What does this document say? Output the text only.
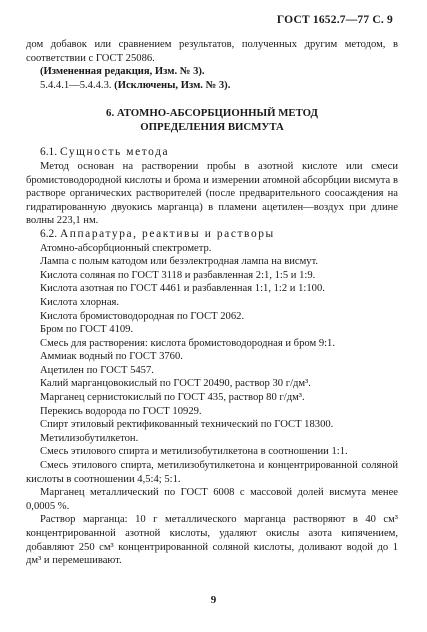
ГОСТ 1652.7—77 С. 9

дом добавок или сравнением результатов, полученных другим методом, в соответствии с ГОСТ 25086.

(Измененная редакция, Изм. № 3).

5.4.4.1—5.4.4.3. (Исключены, Изм. № 3).

6. АТОМНО-АБСОРБЦИОННЫЙ МЕТОД
ОПРЕДЕЛЕНИЯ ВИСМУТА

6.1. Сущность метода

Метод основан на растворении пробы в азотной кислоте или смеси бромистоводородной кислоты и брома и измерении атомной абсорбции висмута в растворе органических растворителей (после предварительного соосаждения на гидратированную двуокись марганца) в пламени ацетилен—воздух при длине волны 223,1 нм.

6.2. Аппаратура, реактивы и растворы

Атомно-абсорбционный спектрометр.

Лампа с полым катодом или безэлектродная лампа на висмут.

Кислота соляная по ГОСТ 3118 и разбавленная 2:1, 1:5 и 1:9.

Кислота азотная по ГОСТ 4461 и разбавленная 1:1, 1:2 и 1:100.

Кислота хлорная.

Кислота бромистоводородная по ГОСТ 2062.

Бром по ГОСТ 4109.

Смесь для растворения: кислота бромистоводородная и бром 9:1.

Аммиак водный по ГОСТ 3760.

Ацетилен по ГОСТ 5457.

Калий марганцовокислый по ГОСТ 20490, раствор 30 г/дм³.

Марганец сернистокислый по ГОСТ 435, раствор 80 г/дм³.

Перекись водорода по ГОСТ 10929.

Спирт этиловый ректификованный технический по ГОСТ 18300.

Метилизобутилкетон.

Смесь этилового спирта и метилизобутилкетона в соотношении 1:1.

Смесь этилового спирта, метилизобутилкетона и концентрированной соляной кислоты в соотношении 4,5:4; 5:1.

Марганец металлический по ГОСТ 6008 с массовой долей висмута менее 0,0005 %.

Раствор марганца: 10 г металлического марганца растворяют в 40 см³ концентрированной азотной кислоты, удаляют окислы азота кипячением, добавляют 250 см³ концентрированной соляной кислоты, доливают водой до 1 дм³ и перемешивают.

9
